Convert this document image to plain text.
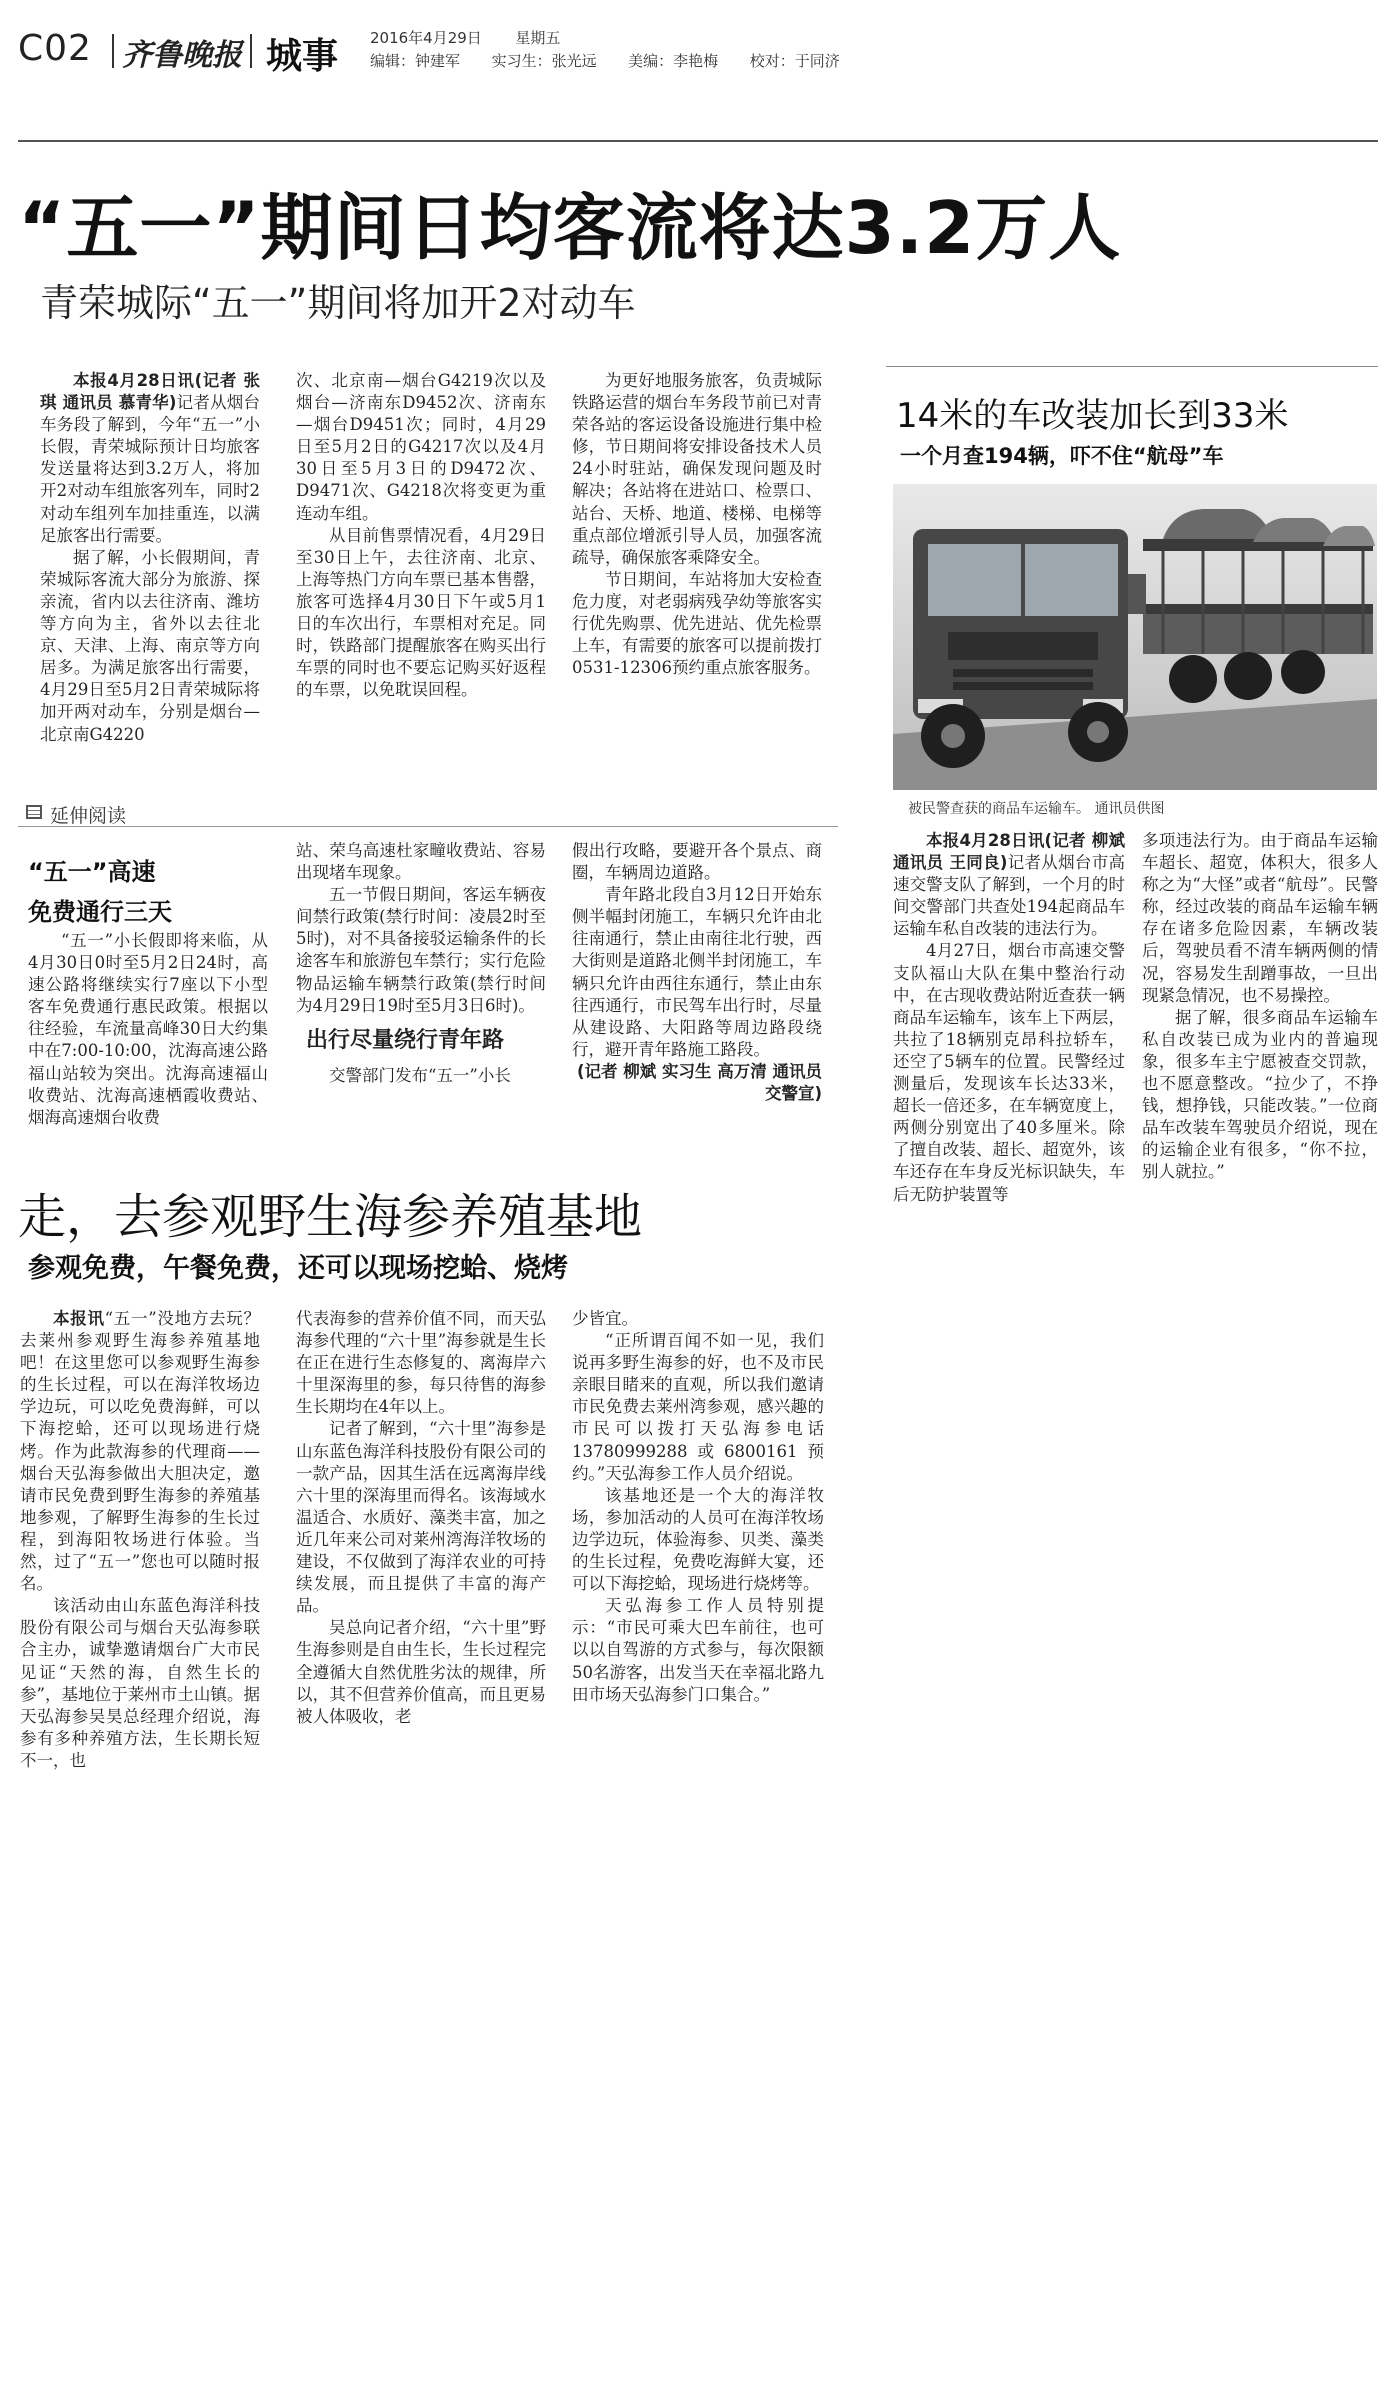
C02 齐鲁晚报 城事 2016年4月29日 星期五
编辑：钟建军 实习生：张光远 美编：李艳梅 校对：于同济
“五一”期间日均客流将达3.2万人
青荣城际“五一”期间将加开2对动车

本报4月28日讯(记者 张琪 通讯员 慕青华)记者从烟台车务段了解到，今年“五一”小长假，青荣城际预计日均旅客发送量将达到3.2万人，将加开2对动车组旅客列车，同时2对动车组列车加挂重连，以满足旅客出行需要。

据了解，小长假期间，青荣城际客流大部分为旅游、探亲流，省内以去往济南、潍坊等方向为主，省外以去往北京、天津、上海、南京等方向居多。为满足旅客出行需要，4月29日至5月2日青荣城际将加开两对动车，分别是烟台—北京南G4220

次、北京南—烟台G4219次以及烟台—济南东D9452次、济南东—烟台D9451次；同时，4月29日至5月2日的G4217次以及4月30日至5月3日的D9472次、D9471次、G4218次将变更为重连动车组。

从目前售票情况看，4月29日至30日上午，去往济南、北京、上海等热门方向车票已基本售罄，旅客可选择4月30日下午或5月1日的车次出行，车票相对充足。同时，铁路部门提醒旅客在购买出行车票的同时也不要忘记购买好返程的车票，以免耽误回程。

为更好地服务旅客，负责城际铁路运营的烟台车务段节前已对青荣各站的客运设备设施进行集中检修，节日期间将安排设备技术人员24小时驻站，确保发现问题及时解决；各站将在进站口、检票口、站台、天桥、地道、楼梯、电梯等重点部位增派引导人员，加强客流疏导，确保旅客乘降安全。

节日期间，车站将加大安检查危力度，对老弱病残孕幼等旅客实行优先购票、优先进站、优先检票上车，有需要的旅客可以提前拨打0531-12306预约重点旅客服务。

延伸阅读
“五一”高速
免费通行三天

“五一”小长假即将来临，从4月30日0时至5月2日24时，高速公路将继续实行7座以下小型客车免费通行惠民政策。根据以往经验，车流量高峰30日大约集中在7:00-10:00，沈海高速公路福山站较为突出。沈海高速福山收费站、沈海高速栖霞收费站、烟海高速烟台收费

站、荣乌高速杜家疃收费站、容易出现堵车现象。

五一节假日期间，客运车辆夜间禁行政策(禁行时间：凌晨2时至5时)，对不具备接驳运输条件的长途客车和旅游包车禁行；实行危险物品运输车辆禁行政策(禁行时间为4月29日19时至5月3日6时)。

出行尽量绕行青年路

交警部门发布“五一”小长

假出行攻略，要避开各个景点、商圈，车辆周边道路。

青年路北段自3月12日开始东侧半幅封闭施工，车辆只允许由北往南通行，禁止由南往北行驶，西大街则是道路北侧半封闭施工，车辆只允许由西往东通行，禁止由东往西通行，市民驾车出行时，尽量从建设路、大阳路等周边路段绕行，避开青年路施工路段。

(记者 柳斌 实习生 高万清 通讯员 交警宣)

14米的车改装加长到33米
一个月查194辆，吓不住“航母”车
被民警查获的商品车运输车。 通讯员供图

本报4月28日讯(记者 柳斌 通讯员 王同良)记者从烟台市高速交警支队了解到，一个月的时间交警部门共查处194起商品车运输车私自改装的违法行为。

4月27日，烟台市高速交警支队福山大队在集中整治行动中，在古现收费站附近查获一辆商品车运输车，该车上下两层，共拉了18辆别克昂科拉轿车，还空了5辆车的位置。民警经过测量后，发现该车长达33米，超长一倍还多，在车辆宽度上，两侧分别宽出了40多厘米。除了擅自改装、超长、超宽外，该车还存在车身反光标识缺失，车后无防护装置等

多项违法行为。由于商品车运输车超长、超宽，体积大，很多人称之为“大怪”或者“航母”。民警称，经过改装的商品车运输车辆存在诸多危险因素，车辆改装后，驾驶员看不清车辆两侧的情况，容易发生刮蹭事故，一旦出现紧急情况，也不易操控。

据了解，很多商品车运输车私自改装已成为业内的普遍现象，很多车主宁愿被查交罚款，也不愿意整改。“拉少了，不挣钱，想挣钱，只能改装。”一位商品车改装车驾驶员介绍说，现在的运输企业有很多，“你不拉，别人就拉。”

走，去参观野生海参养殖基地
参观免费，午餐免费，还可以现场挖蛤、烧烤

本报讯“五一”没地方去玩？去莱州参观野生海参养殖基地吧！在这里您可以参观野生海参的生长过程，可以在海洋牧场边学边玩，可以吃免费海鲜，可以下海挖蛤，还可以现场进行烧烤。作为此款海参的代理商——烟台天弘海参做出大胆决定，邀请市民免费到野生海参的养殖基地参观，了解野生海参的生长过程，到海阳牧场进行体验。当然，过了“五一”您也可以随时报名。

该活动由山东蓝色海洋科技股份有限公司与烟台天弘海参联合主办，诚挚邀请烟台广大市民见证“天然的海，自然生长的参”，基地位于莱州市土山镇。据天弘海参吴昊总经理介绍说，海参有多种养殖方法，生长期长短不一，也

代表海参的营养价值不同，而天弘海参代理的“六十里”海参就是生长在正在进行生态修复的、离海岸六十里深海里的参，每只待售的海参生长期均在4年以上。

记者了解到，“六十里”海参是山东蓝色海洋科技股份有限公司的一款产品，因其生活在远离海岸线六十里的深海里而得名。该海域水温适合、水质好、藻类丰富，加之近几年来公司对莱州湾海洋牧场的建设，不仅做到了海洋农业的可持续发展，而且提供了丰富的海产品。

吴总向记者介绍，“六十里”野生海参则是自由生长，生长过程完全遵循大自然优胜劣汰的规律，所以，其不但营养价值高，而且更易被人体吸收，老

少皆宜。

“正所谓百闻不如一见，我们说再多野生海参的好，也不及市民亲眼目睹来的直观，所以我们邀请市民免费去莱州湾参观，感兴趣的市民可以拨打天弘海参电话13780999288或6800161预约。”天弘海参工作人员介绍说。

该基地还是一个大的海洋牧场，参加活动的人员可在海洋牧场边学边玩，体验海参、贝类、藻类的生长过程，免费吃海鲜大宴，还可以下海挖蛤，现场进行烧烤等。

天弘海参工作人员特别提示：“市民可乘大巴车前往，也可以以自驾游的方式参与，每次限额50名游客，出发当天在幸福北路九田市场天弘海参门口集合。”
